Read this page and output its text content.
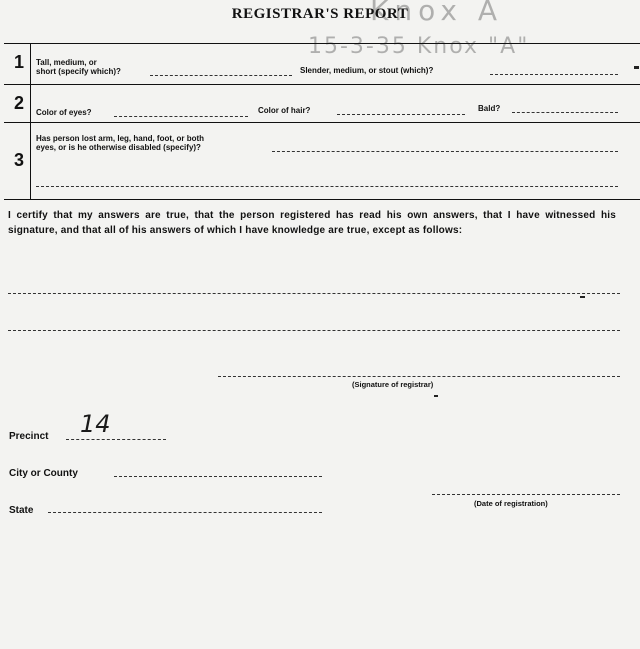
Knox A
15-3-35 Knox "A"
REGISTRAR'S REPORT
1 Tall, medium, or
short (specify which)?	Slender, medium, or stout (which)?
2 Color of eyes?	Color of hair?	Bald?
3
Has person lost arm, leg, hand, foot, or both
eyes, or is he otherwise disabled (specify)?
I certify that my answers are true, that the person registered has read his own answers, that I have witnessed his signature, and that all of his answers of which I have knowledge are true, except as follows:
(Signature of registrar)
Precinct 14
City or County
State
(Date of registration)
